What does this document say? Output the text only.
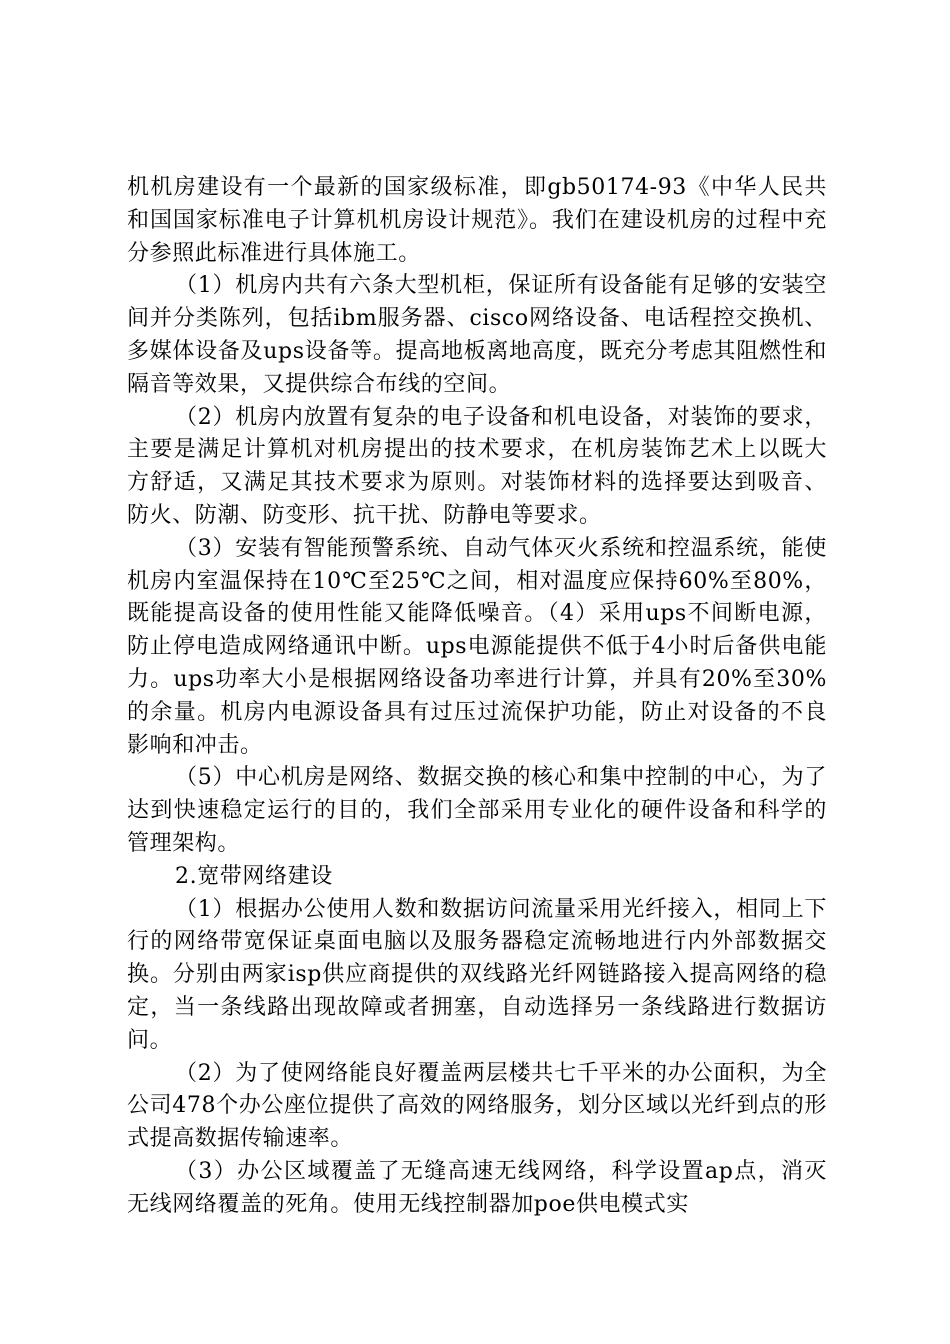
机机房建设有一个最新的国家级标准，即gb50174-93《中华人民共和国国家标准电子计算机机房设计规范》。我们在建设机房的过程中充分参照此标准进行具体施工。

（1）机房内共有六条大型机柜，保证所有设备能有足够的安装空间并分类陈列，包括ibm服务器、cisco网络设备、电话程控交换机、多媒体设备及ups设备等。提高地板离地高度，既充分考虑其阻燃性和隔音等效果，又提供综合布线的空间。

（2）机房内放置有复杂的电子设备和机电设备，对装饰的要求，主要是满足计算机对机房提出的技术要求，在机房装饰艺术上以既大方舒适，又满足其技术要求为原则。对装饰材料的选择要达到吸音、防火、防潮、防变形、抗干扰、防静电等要求。

（3）安装有智能预警系统、自动气体灭火系统和控温系统，能使机房内室温保持在10℃至25℃之间，相对温度应保持60%至80%，既能提高设备的使用性能又能降低噪音。（4）采用ups不间断电源，防止停电造成网络通讯中断。ups电源能提供不低于4小时后备供电能力。ups功率大小是根据网络设备功率进行计算，并具有20%至30%的余量。机房内电源设备具有过压过流保护功能，防止对设备的不良影响和冲击。

（5）中心机房是网络、数据交换的核心和集中控制的中心，为了达到快速稳定运行的目的，我们全部采用专业化的硬件设备和科学的管理架构。

2.宽带网络建设

（1）根据办公使用人数和数据访问流量采用光纤接入，相同上下行的网络带宽保证桌面电脑以及服务器稳定流畅地进行内外部数据交换。分别由两家isp供应商提供的双线路光纤网链路接入提高网络的稳定，当一条线路出现故障或者拥塞，自动选择另一条线路进行数据访问。

（2）为了使网络能良好覆盖两层楼共七千平米的办公面积，为全公司478个办公座位提供了高效的网络服务，划分区域以光纤到点的形式提高数据传输速率。

（3）办公区域覆盖了无缝高速无线网络，科学设置ap点，消灭无线网络覆盖的死角。使用无线控制器加poe供电模式实
